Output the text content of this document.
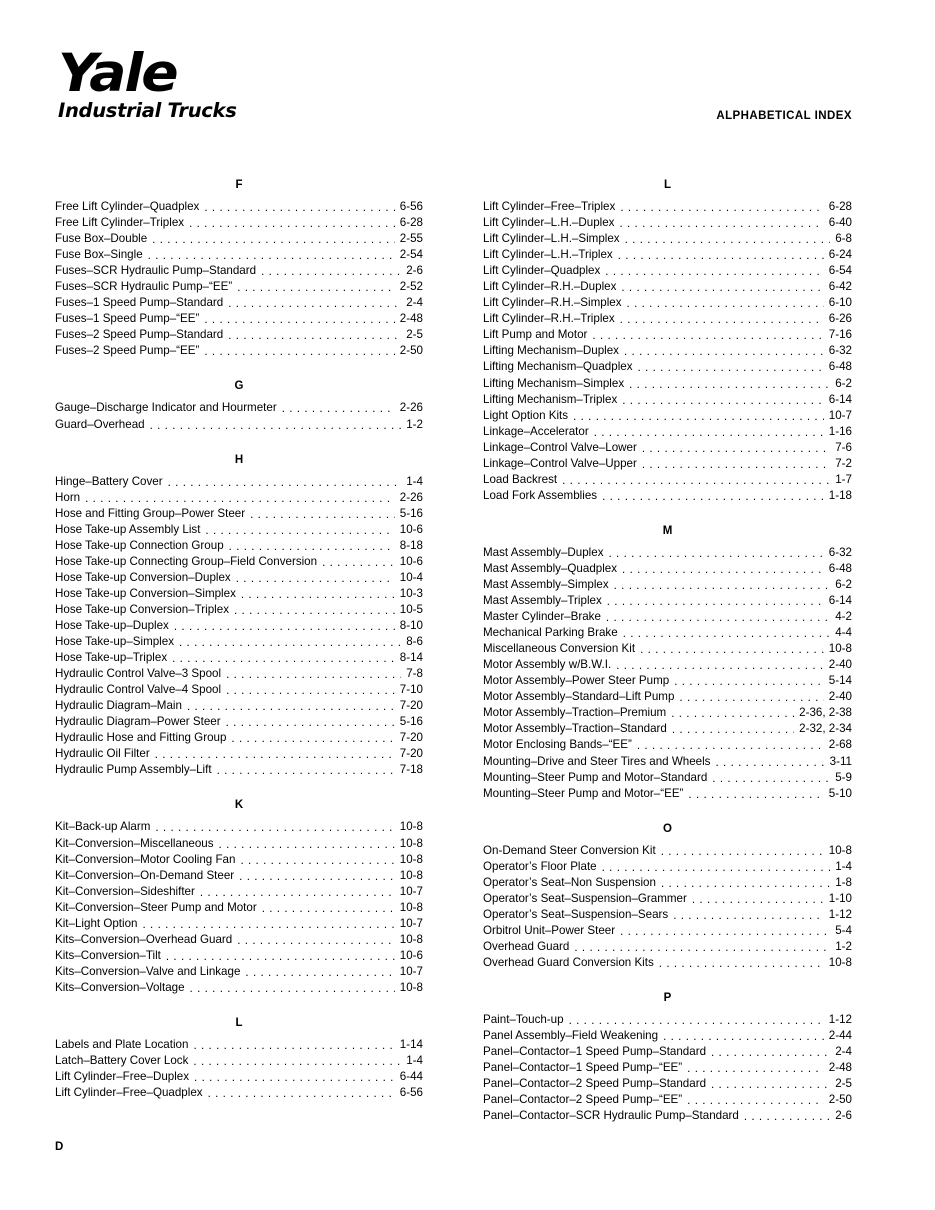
Yale
Industrial Trucks	ALPHABETICAL INDEX
F
Free Lift Cylinder–Quadplex . . .	6-56
Free Lift Cylinder–Triplex . . .	6-28
Fuse Box–Double . . .	2-55
Fuse Box–Single . . .	2-54
Fuses–SCR Hydraulic Pump–Standard . . .	2-6
Fuses–SCR Hydraulic Pump–“EE” . . .	2-52
Fuses–1 Speed Pump–Standard . . .	2-4
Fuses–1 Speed Pump–“EE” . . .	2-48
Fuses–2 Speed Pump–Standard . . .	2-5
Fuses–2 Speed Pump–“EE” . . .	2-50
G
Gauge–Discharge Indicator and Hourmeter . . .	2-26
Guard–Overhead . . .	1-2
H
Hinge–Battery Cover . . .	1-4
Horn . . .	2-26
Hose and Fitting Group–Power Steer . . .	5-16
Hose Take-up Assembly List . . .	10-6
Hose Take-up Connection Group . . .	8-18
Hose Take-up Connecting Group–Field Conversion . . .	10-6
Hose Take-up Conversion–Duplex . . .	10-4
Hose Take-up Conversion–Simplex . . .	10-3
Hose Take-up Conversion–Triplex . . .	10-5
Hose Take-up–Duplex . . .	8-10
Hose Take-up–Simplex . . .	8-6
Hose Take-up–Triplex . . .	8-14
Hydraulic Control Valve–3 Spool . . .	7-8
Hydraulic Control Valve–4 Spool . . .	7-10
Hydraulic Diagram–Main . . .	7-20
Hydraulic Diagram–Power Steer . . .	5-16
Hydraulic Hose and Fitting Group . . .	7-20
Hydraulic Oil Filter . . .	7-20
Hydraulic Pump Assembly–Lift . . .	7-18
K
Kit–Back-up Alarm . . .	10-8
Kit–Conversion–Miscellaneous . . .	10-8
Kit–Conversion–Motor Cooling Fan . . .	10-8
Kit–Conversion–On-Demand Steer . . .	10-8
Kit–Conversion–Sideshifter . . .	10-7
Kit–Conversion–Steer Pump and Motor . . .	10-8
Kit–Light Option . . .	10-7
Kits–Conversion–Overhead Guard . . .	10-8
Kits–Conversion–Tilt . . .	10-6
Kits–Conversion–Valve and Linkage . . .	10-7
Kits–Conversion–Voltage . . .	10-8
L
Labels and Plate Location . . .	1-14
Latch–Battery Cover Lock . . .	1-4
Lift Cylinder–Free–Duplex . . .	6-44
Lift Cylinder–Free–Quadplex . . .	6-56
L
Lift Cylinder–Free–Triplex . . .	6-28
Lift Cylinder–L.H.–Duplex . . .	6-40
Lift Cylinder–L.H.–Simplex . . .	6-8
Lift Cylinder–L.H.–Triplex . . .	6-24
Lift Cylinder–Quadplex . . .	6-54
Lift Cylinder–R.H.–Duplex . . .	6-42
Lift Cylinder–R.H.–Simplex . . .	6-10
Lift Cylinder–R.H.–Triplex . . .	6-26
Lift Pump and Motor . . .	7-16
Lifting Mechanism–Duplex . . .	6-32
Lifting Mechanism–Quadplex . . .	6-48
Lifting Mechanism–Simplex . . .	6-2
Lifting Mechanism–Triplex . . .	6-14
Light Option Kits . . .	10-7
Linkage–Accelerator . . .	1-16
Linkage–Control Valve–Lower . . .	7-6
Linkage–Control Valve–Upper . . .	7-2
Load Backrest . . .	1-7
Load Fork Assemblies . . .	1-18
M
Mast Assembly–Duplex . . .	6-32
Mast Assembly–Quadplex . . .	6-48
Mast Assembly–Simplex . . .	6-2
Mast Assembly–Triplex . . .	6-14
Master Cylinder–Brake . . .	4-2
Mechanical Parking Brake . . .	4-4
Miscellaneous Conversion Kit . . .	10-8
Motor Assembly w/B.W.I. . . .	2-40
Motor Assembly–Power Steer Pump . . .	5-14
Motor Assembly–Standard–Lift Pump . . .	2-40
Motor Assembly–Traction–Premium . . .	2-36, 2-38
Motor Assembly–Traction–Standard . . .	2-32, 2-34
Motor Enclosing Bands–“EE” . . .	2-68
Mounting–Drive and Steer Tires and Wheels . . .	3-11
Mounting–Steer Pump and Motor–Standard . . .	5-9
Mounting–Steer Pump and Motor–“EE” . . .	5-10
O
On-Demand Steer Conversion Kit . . .	10-8
Operator’s Floor Plate . . .	1-4
Operator’s Seat–Non Suspension . . .	1-8
Operator’s Seat–Suspension–Grammer . . .	1-10
Operator’s Seat–Suspension–Sears . . .	1-12
Orbitrol Unit–Power Steer . . .	5-4
Overhead Guard . . .	1-2
Overhead Guard Conversion Kits . . .	10-8
P
Paint–Touch-up . . .	1-12
Panel Assembly–Field Weakening . . .	2-44
Panel–Contactor–1 Speed Pump–Standard . . .	2-4
Panel–Contactor–1 Speed Pump–“EE” . . .	2-48
Panel–Contactor–2 Speed Pump–Standard . . .	2-5
Panel–Contactor–2 Speed Pump–“EE” . . .	2-50
Panel–Contactor–SCR Hydraulic Pump–Standard . . .	2-6
D
